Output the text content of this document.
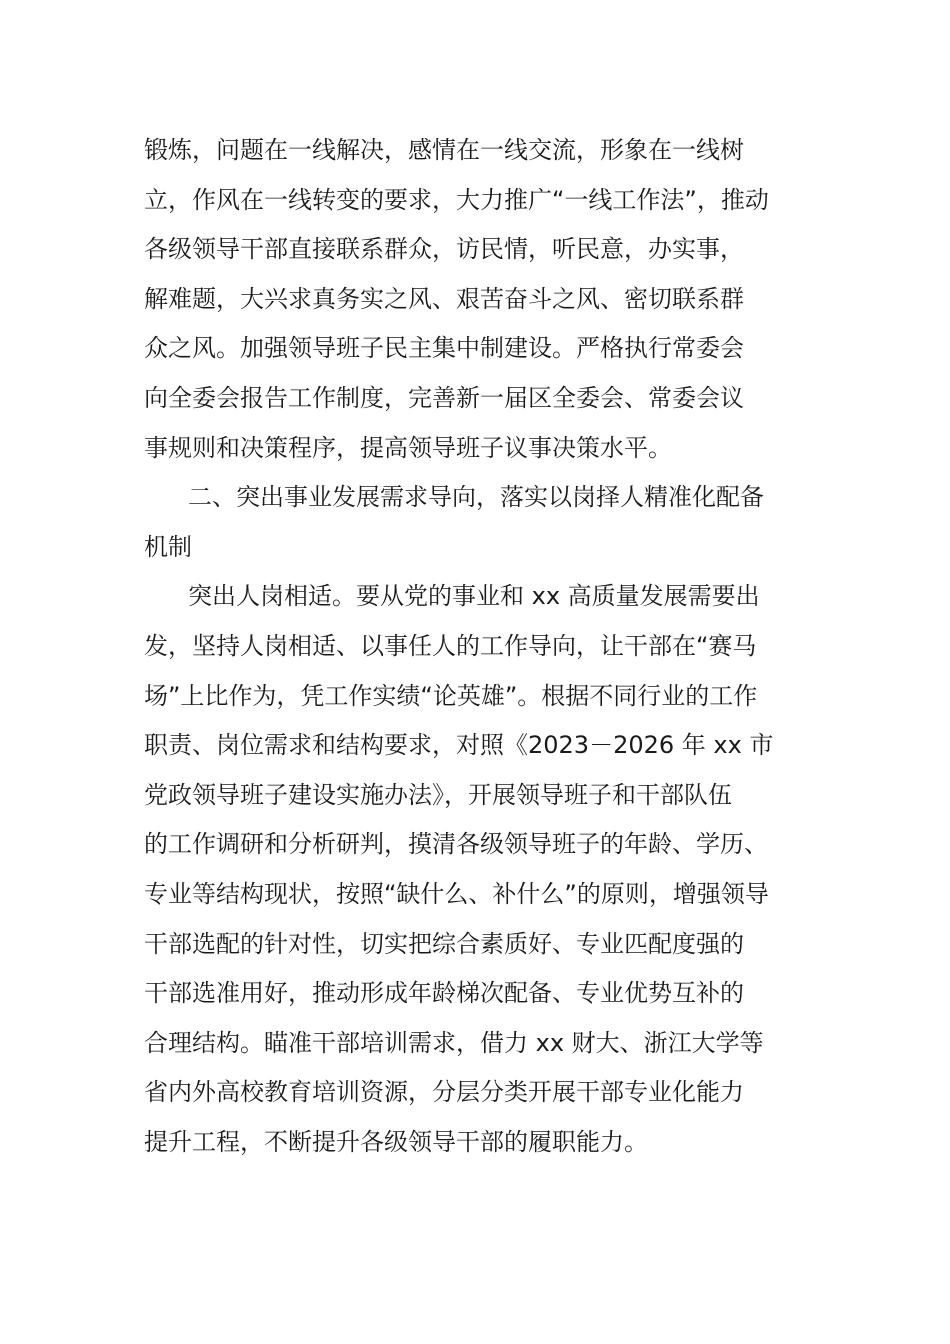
锻炼，问题在一线解决，感情在一线交流，形象在一线树
立，作风在一线转变的要求，大力推广“一线工作法”，推动
各级领导干部直接联系群众，访民情，听民意，办实事，
解难题，大兴求真务实之风、艰苦奋斗之风、密切联系群
众之风。加强领导班子民主集中制建设。严格执行常委会
向全委会报告工作制度，完善新一届区全委会、常委会议
事规则和决策程序，提高领导班子议事决策水平。
二、突出事业发展需求导向，落实以岗择人精准化配备
机制
突出人岗相适。要从党的事业和 xx 高质量发展需要出
发，坚持人岗相适、以事任人的工作导向，让干部在“赛马
场”上比作为，凭工作实绩“论英雄”。根据不同行业的工作
职责、岗位需求和结构要求，对照《2023－2026 年 xx 市
党政领导班子建设实施办法》，开展领导班子和干部队伍
的工作调研和分析研判，摸清各级领导班子的年龄、学历、
专业等结构现状，按照“缺什么、补什么”的原则，增强领导
干部选配的针对性，切实把综合素质好、专业匹配度强的
干部选准用好，推动形成年龄梯次配备、专业优势互补的
合理结构。瞄准干部培训需求，借力 xx 财大、浙江大学等
省内外高校教育培训资源，分层分类开展干部专业化能力
提升工程，不断提升各级领导干部的履职能力。
